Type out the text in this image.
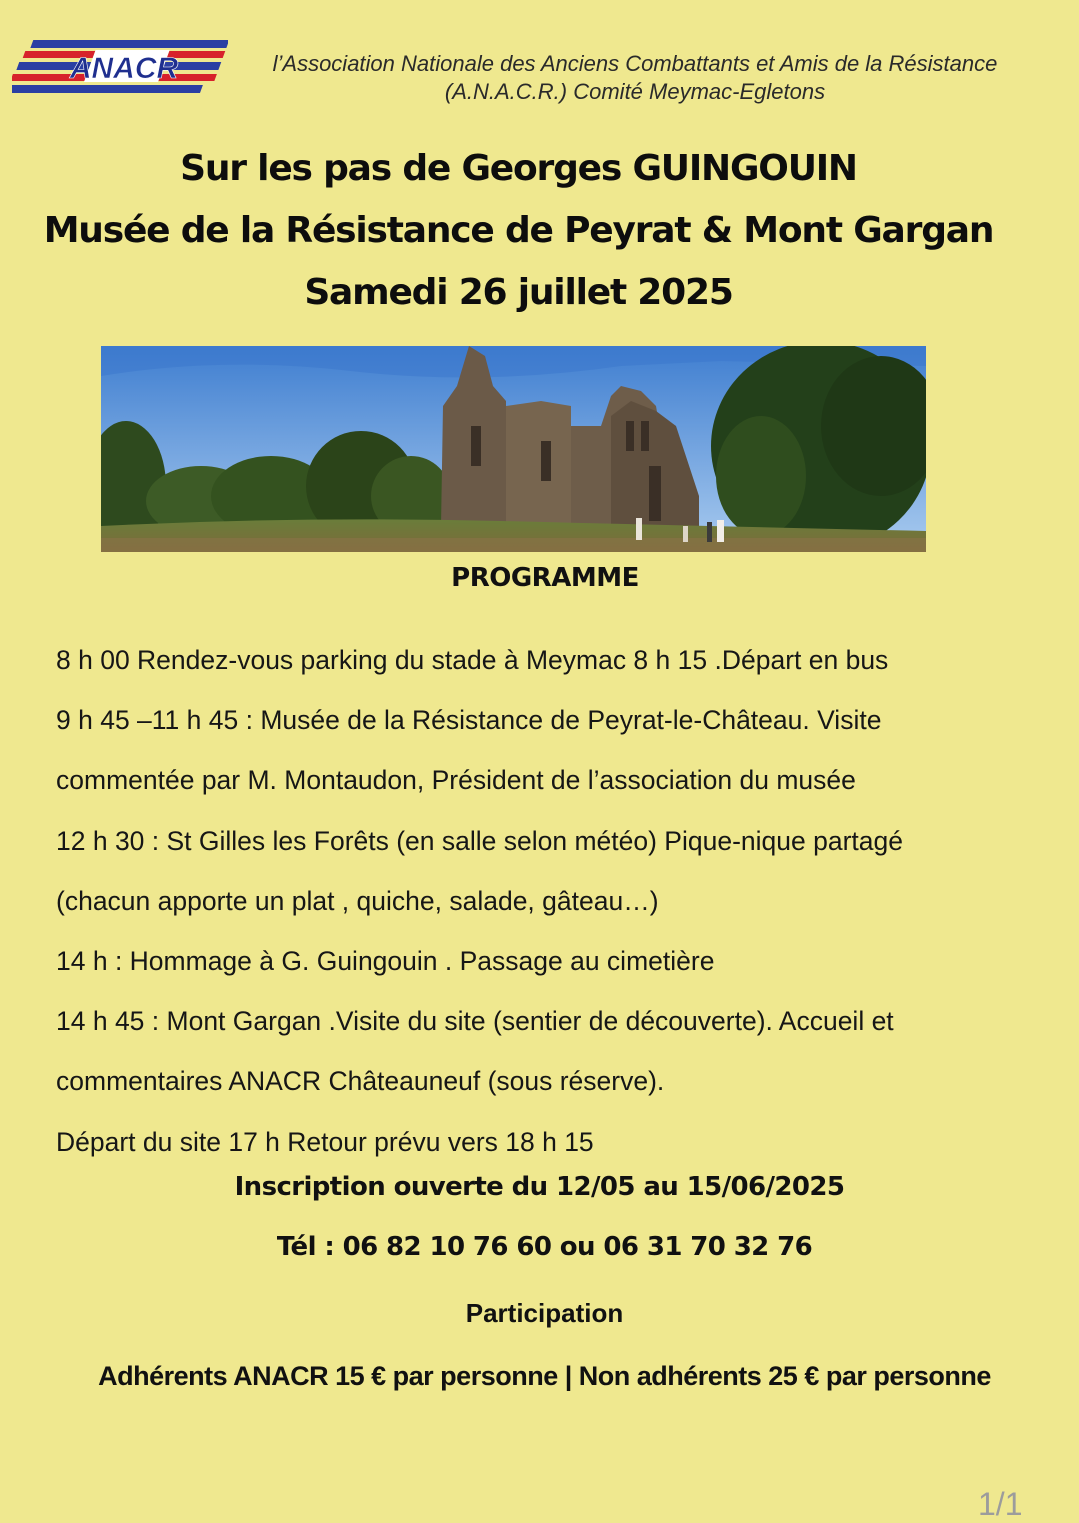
ANACR	l’Association Nationale des Anciens Combattants et Amis de la Résistance
(A.N.A.C.R.) Comité Meymac-Egletons
Sur les pas de Georges GUINGOUIN
Musée de la Résistance de Peyrat & Mont Gargan
Samedi 26 juillet 2025
PROGRAMME
8 h 00 Rendez-vous parking du stade à Meymac 8 h 15 .Départ en bus
9 h 45 –11 h 45 : Musée de la Résistance de Peyrat-le-Château. Visite
commentée par M. Montaudon, Président de l’association du musée
12 h 30 : St Gilles les Forêts (en salle selon météo) Pique-nique partagé
(chacun apporte un plat , quiche, salade, gâteau…)
14 h : Hommage à G. Guingouin . Passage au cimetière
14 h 45 : Mont Gargan .Visite du site (sentier de découverte). Accueil et
commentaires ANACR Châteauneuf (sous réserve).
Départ du site 17 h Retour prévu vers 18 h 15
Inscription ouverte du 12/05 au 15/06/2025
Tél : 06 82 10 76 60 ou 06 31 70 32 76
Participation
Adhérents ANACR 15 € par personne | Non adhérents 25 € par personne
1/1
